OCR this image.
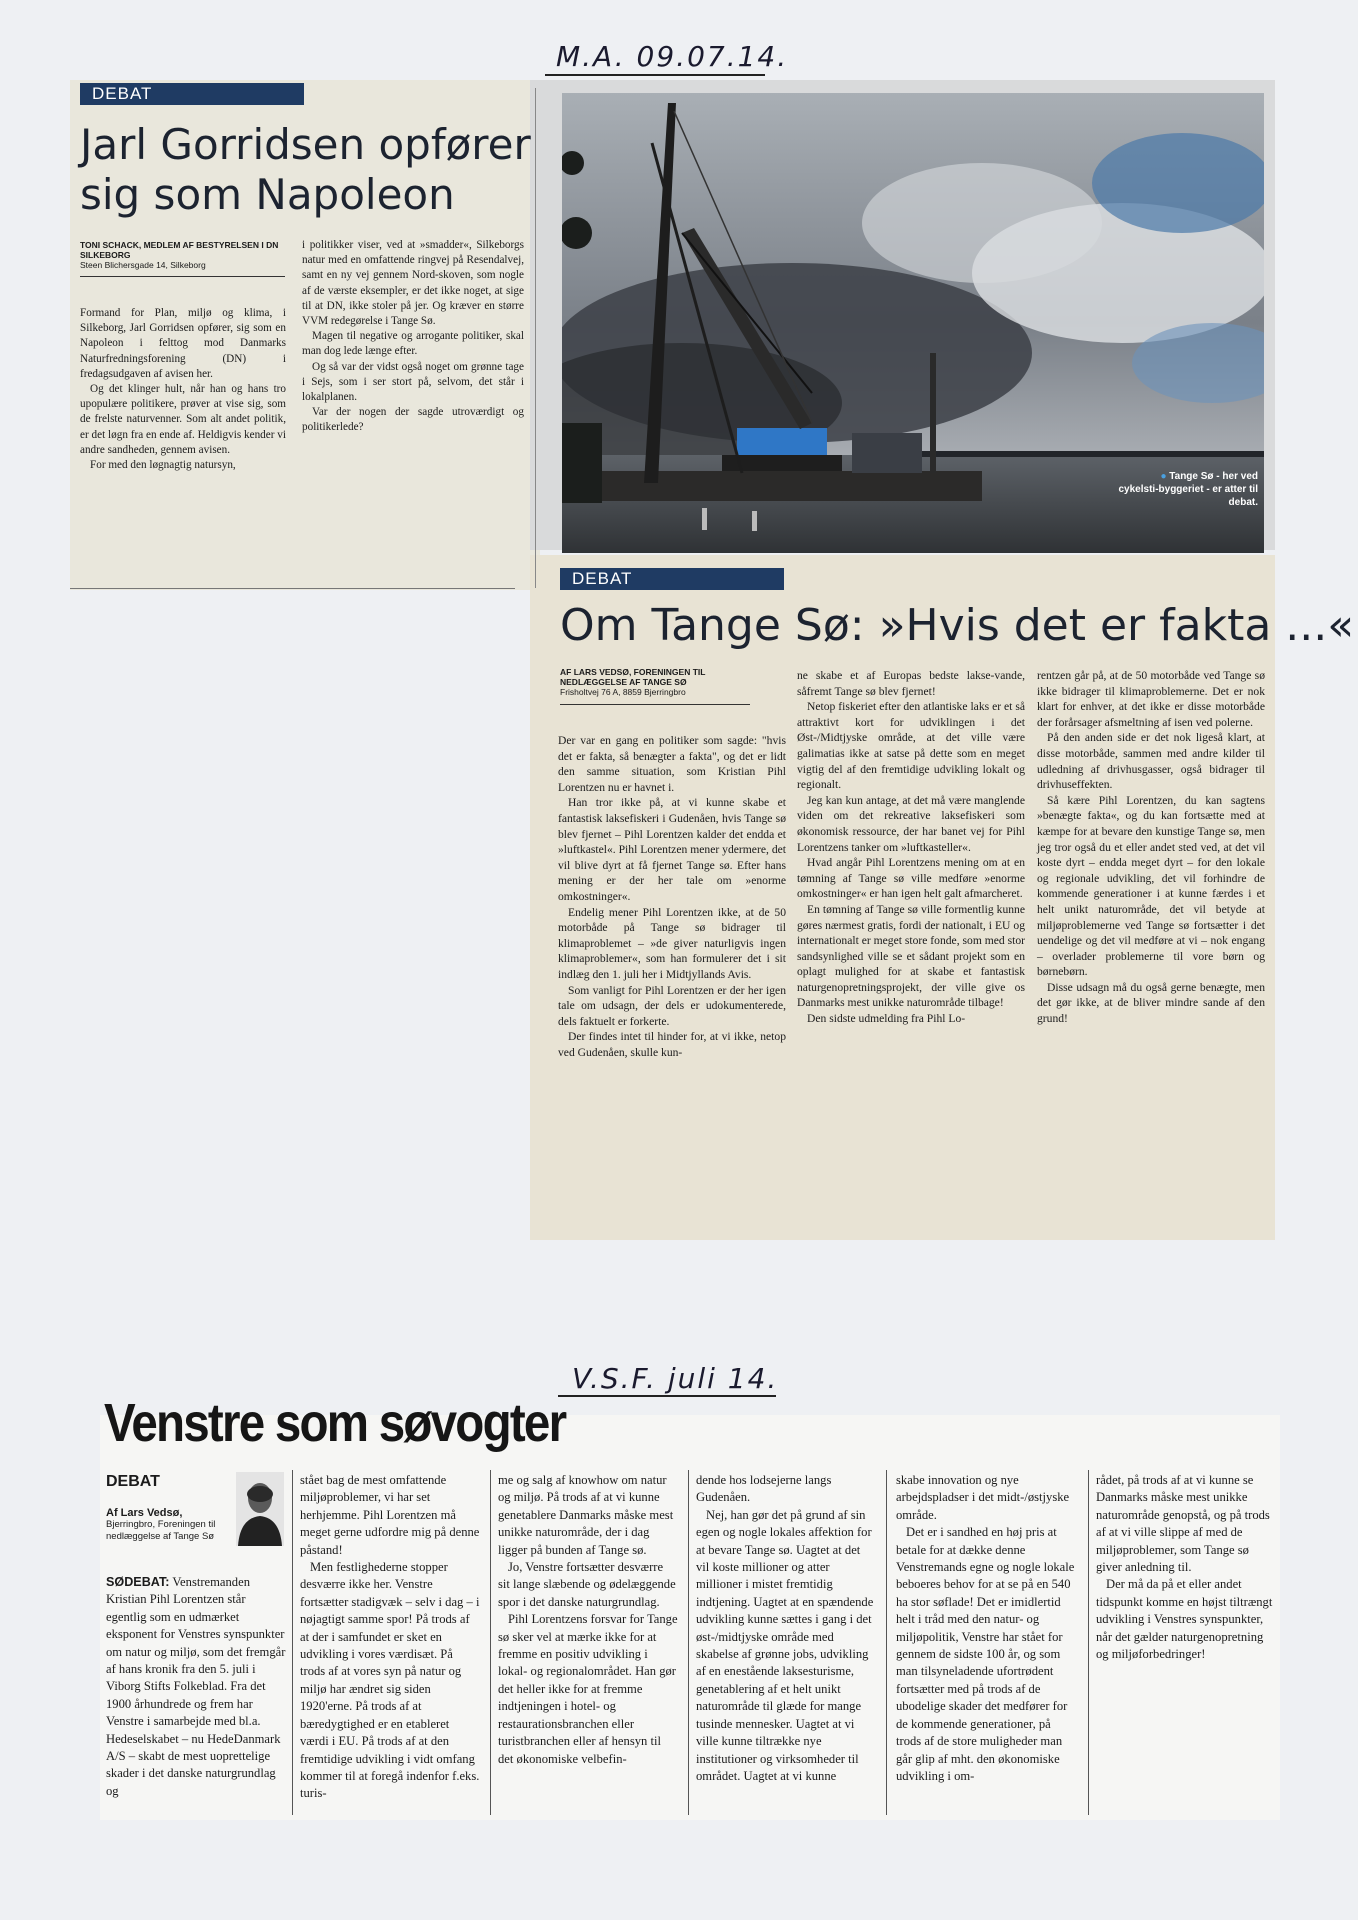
M.A. 09.07.14.
V.S.F. juli 14.
DEBAT
Jarl Gorridsen opfører sig som Napoleon
TONI SCHACK, MEDLEM AF BESTYRELSEN I DN SILKEBORG
Steen Blichersgade 14, Silkeborg

Formand for Plan, miljø og klima, i Silkeborg, Jarl Gorridsen opfører, sig som en Napoleon i felttog mod Danmarks Naturfredningsforening (DN) i fredagsudgaven af avisen her.

Og det klinger hult, når han og hans tro upopulære politikere, prøver at vise sig, som de frelste naturvenner. Som alt andet politik, er det løgn fra en ende af. Heldigvis kender vi andre sandheden, gennem avisen.

For med den løgnagtig natursyn,

i politikker viser, ved at »smadder«, Silkeborgs natur med en omfattende ringvej på Resendalvej, samt en ny vej gennem Nord-skoven, som nogle af de værste eksempler, er det ikke noget, at sige til at DN, ikke stoler på jer. Og kræver en større VVM redegørelse i Tange Sø.

Magen til negative og arrogante politiker, skal man dog lede længe efter.

Og så var der vidst også noget om grønne tage i Sejs, som i ser stort på, selvom, det står i lokalplanen.

Var der nogen der sagde utroværdigt og politikerlede?

● Tange Sø - her ved cykelsti-byggeriet - er atter til debat.
DEBAT
Om Tange Sø: »Hvis det er fakta ...«
AF LARS VEDSØ, FORENINGEN TIL NEDLÆGGELSE AF TANGE SØ
Frisholtvej 76 A, 8859 Bjerringbro

Der var en gang en politiker som sagde: "hvis det er fakta, så benægter a fakta", og det er lidt den samme situation, som Kristian Pihl Lorentzen nu er havnet i.

Han tror ikke på, at vi kunne skabe et fantastisk laksefiskeri i Gudenåen, hvis Tange sø blev fjernet – Pihl Lorentzen kalder det endda et »luftkastel«. Pihl Lorentzen mener ydermere, det vil blive dyrt at få fjernet Tange sø. Efter hans mening er der her tale om »enorme omkostninger«.

Endelig mener Pihl Lorentzen ikke, at de 50 motorbåde på Tange sø bidrager til klimaproblemet – »de giver naturligvis ingen klimaproblemer«, som han formulerer det i sit indlæg den 1. juli her i Midtjyllands Avis.

Som vanligt for Pihl Lorentzen er der her igen tale om udsagn, der dels er udokumenterede, dels faktuelt er forkerte.

Der findes intet til hinder for, at vi ikke, netop ved Gudenåen, skulle kun-

ne skabe et af Europas bedste lakse-vande, såfremt Tange sø blev fjernet!

Netop fiskeriet efter den atlantiske laks er et så attraktivt kort for udviklingen i det Øst-/Midtjyske område, at det ville være galimatias ikke at satse på dette som en meget vigtig del af den fremtidige udvikling lokalt og regionalt.

Jeg kan kun antage, at det må være manglende viden om det rekreative laksefiskeri som økonomisk ressource, der har banet vej for Pihl Lorentzens tanker om »luftkasteller«.

Hvad angår Pihl Lorentzens mening om at en tømning af Tange sø ville medføre »enorme omkostninger« er han igen helt galt afmarcheret.

En tømning af Tange sø ville formentlig kunne gøres nærmest gratis, fordi der nationalt, i EU og internationalt er meget store fonde, som med stor sandsynlighed ville se et sådant projekt som en oplagt mulighed for at skabe et fantastisk naturgenopretningsprojekt, der ville give os Danmarks mest unikke naturområde tilbage!

Den sidste udmelding fra Pihl Lo-

rentzen går på, at de 50 motorbåde ved Tange sø ikke bidrager til klimaproblemerne. Det er nok klart for enhver, at det ikke er disse motorbåde der forårsager afsmeltning af isen ved polerne.

På den anden side er det nok ligeså klart, at disse motorbåde, sammen med andre kilder til udledning af drivhusgasser, også bidrager til drivhuseffekten.

Så kære Pihl Lorentzen, du kan sagtens »benægte fakta«, og du kan fortsætte med at kæmpe for at bevare den kunstige Tange sø, men jeg tror også du et eller andet sted ved, at det vil koste dyrt – endda meget dyrt – for den lokale og regionale udvikling, det vil forhindre de kommende generationer i at kunne færdes i et helt unikt naturområde, det vil betyde at miljøproblemerne ved Tange sø fortsætter i det uendelige og det vil medføre at vi – nok engang – overlader problemerne til vore børn og børnebørn.

Disse udsagn må du også gerne benægte, men det gør ikke, at de bliver mindre sande af den grund!

Venstre som søvogter
DEBAT
Af Lars Vedsø,
Bjerringbro, Foreningen til nedlæggelse af Tange Sø

SØDEBAT: Venstremanden Kristian Pihl Lorentzen står egentlig som en udmærket eksponent for Venstres synspunkter om natur og miljø, som det fremgår af hans kronik fra den 5. juli i Viborg Stifts Folkeblad. Fra det 1900 århundrede og frem har Venstre i samarbejde med bl.a. Hedeselskabet – nu HedeDanmark A/S – skabt de mest uoprettelige skader i det danske naturgrundlag og

stået bag de mest omfattende miljøproblemer, vi har set herhjemme. Pihl Lorentzen må meget gerne udfordre mig på denne påstand!

Men festlighederne stopper desværre ikke her. Venstre fortsætter stadigvæk – selv i dag – i nøjagtigt samme spor! På trods af at der i samfundet er sket en udvikling i vores værdisæt. På trods af at vores syn på natur og miljø har ændret sig siden 1920'erne. På trods af at bæredygtighed er en etableret værdi i EU. På trods af at den fremtidige udvikling i vidt omfang kommer til at foregå indenfor f.eks. turis-

me og salg af knowhow om natur og miljø. På trods af at vi kunne genetablere Danmarks måske mest unikke naturområde, der i dag ligger på bunden af Tange sø.

Jo, Venstre fortsætter desværre sit lange slæbende og ødelæggende spor i det danske naturgrundlag.

Pihl Lorentzens forsvar for Tange sø sker vel at mærke ikke for at fremme en positiv udvikling i lokal- og regionalområdet. Han gør det heller ikke for at fremme indtjeningen i hotel- og restaurationsbranchen eller turistbranchen eller af hensyn til det økonomiske velbefin-

dende hos lodsejerne langs Gudenåen.

Nej, han gør det på grund af sin egen og nogle lokales affektion for at bevare Tange sø. Uagtet at det vil koste millioner og atter millioner i mistet fremtidig indtjening. Uagtet at en spændende udvikling kunne sættes i gang i det øst-/midtjyske område med skabelse af grønne jobs, udvikling af en enestående laksesturisme, genetablering af et helt unikt naturområde til glæde for mange tusinde mennesker. Uagtet at vi ville kunne tiltrække nye institutioner og virksomheder til området. Uagtet at vi kunne

skabe innovation og nye arbejdspladser i det midt-/østjyske område.

Det er i sandhed en høj pris at betale for at dække denne Venstremands egne og nogle lokale beboeres behov for at se på en 540 ha stor søflade! Det er imidlertid helt i tråd med den natur- og miljøpolitik, Venstre har stået for gennem de sidste 100 år, og som man tilsyneladende ufortrødent fortsætter med på trods af de ubodelige skader det medfører for de kommende generationer, på trods af de store muligheder man går glip af mht. den økonomiske udvikling i om-

rådet, på trods af at vi kunne se Danmarks måske mest unikke naturområde genopstå, og på trods af at vi ville slippe af med de miljøproblemer, som Tange sø giver anledning til.

Der må da på et eller andet tidspunkt komme en højst tiltrængt udvikling i Venstres synspunkter, når det gælder naturgenopretning og miljøforbedringer!
